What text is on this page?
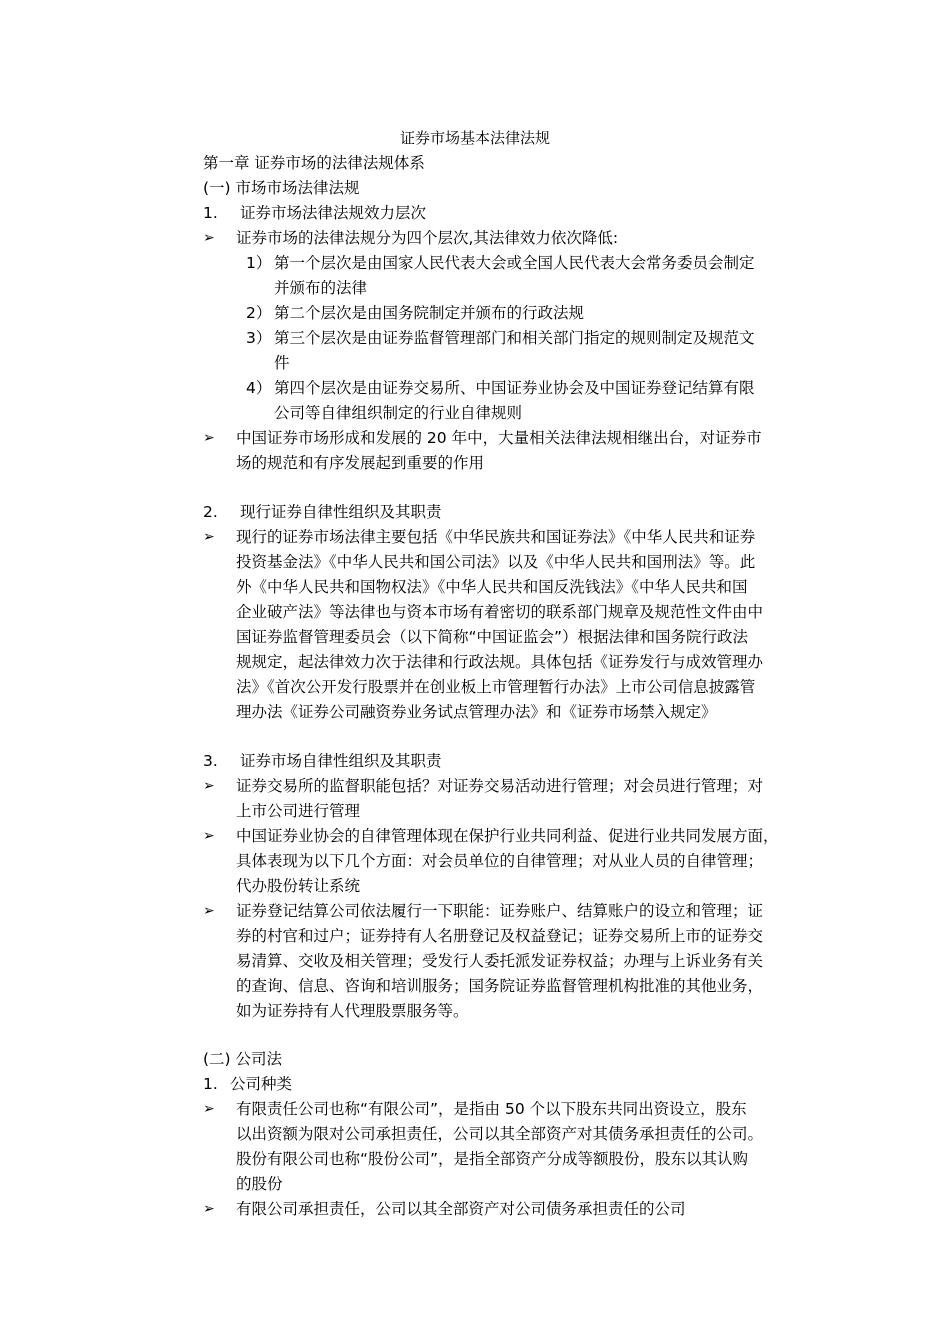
证券市场基本法律法规
第一章 证券市场的法律法规体系
(一) 市场市场法律法规
1. 证券市场法律法规效力层次
➢ 证券市场的法律法规分为四个层次,其法律效力依次降低:
1） 第一个层次是由国家人民代表大会或全国人民代表大会常务委员会制定
并颁布的法律
2） 第二个层次是由国务院制定并颁布的行政法规
3） 第三个层次是由证券监督管理部门和相关部门指定的规则制定及规范文
件
4） 第四个层次是由证券交易所、中国证券业协会及中国证券登记结算有限
公司等自律组织制定的行业自律规则
➢ 中国证券市场形成和发展的 20 年中，大量相关法律法规相继出台，对证券市
场的规范和有序发展起到重要的作用
2. 现行证券自律性组织及其职责
➢ 现行的证券市场法律主要包括《中华民族共和国证券法》《中华人民共和证券
投资基金法》《中华人民共和国公司法》以及《中华人民共和国刑法》等。此
外《中华人民共和国物权法》《中华人民共和国反洗钱法》《中华人民共和国
企业破产法》等法律也与资本市场有着密切的联系部门规章及规范性文件由中
国证券监督管理委员会（以下简称“中国证监会”）根据法律和国务院行政法
规规定，起法律效力次于法律和行政法规。具体包括《证券发行与成效管理办
法》《首次公开发行股票并在创业板上市管理暂行办法》上市公司信息披露管
理办法《证券公司融资券业务试点管理办法》和《证券市场禁入规定》
3. 证券市场自律性组织及其职责
➢ 证券交易所的监督职能包括？对证券交易活动进行管理；对会员进行管理；对
上市公司进行管理
➢ 中国证券业协会的自律管理体现在保护行业共同利益、促进行业共同发展方面，
具体表现为以下几个方面：对会员单位的自律管理；对从业人员的自律管理；
代办股份转让系统
➢ 证券登记结算公司依法履行一下职能：证券账户、结算账户的设立和管理；证
券的村官和过户；证券持有人名册登记及权益登记；证券交易所上市的证券交
易清算、交收及相关管理；受发行人委托派发证券权益；办理与上诉业务有关
的查询、信息、咨询和培训服务；国务院证券监督管理机构批准的其他业务，
如为证券持有人代理股票服务等。
(二) 公司法
1. 公司种类
➢ 有限责任公司也称“有限公司”，是指由 50 个以下股东共同出资设立，股东
以出资额为限对公司承担责任，公司以其全部资产对其债务承担责任的公司。
股份有限公司也称“股份公司”，是指全部资产分成等额股份，股东以其认购
的股份
➢ 有限公司承担责任，公司以其全部资产对公司债务承担责任的公司
